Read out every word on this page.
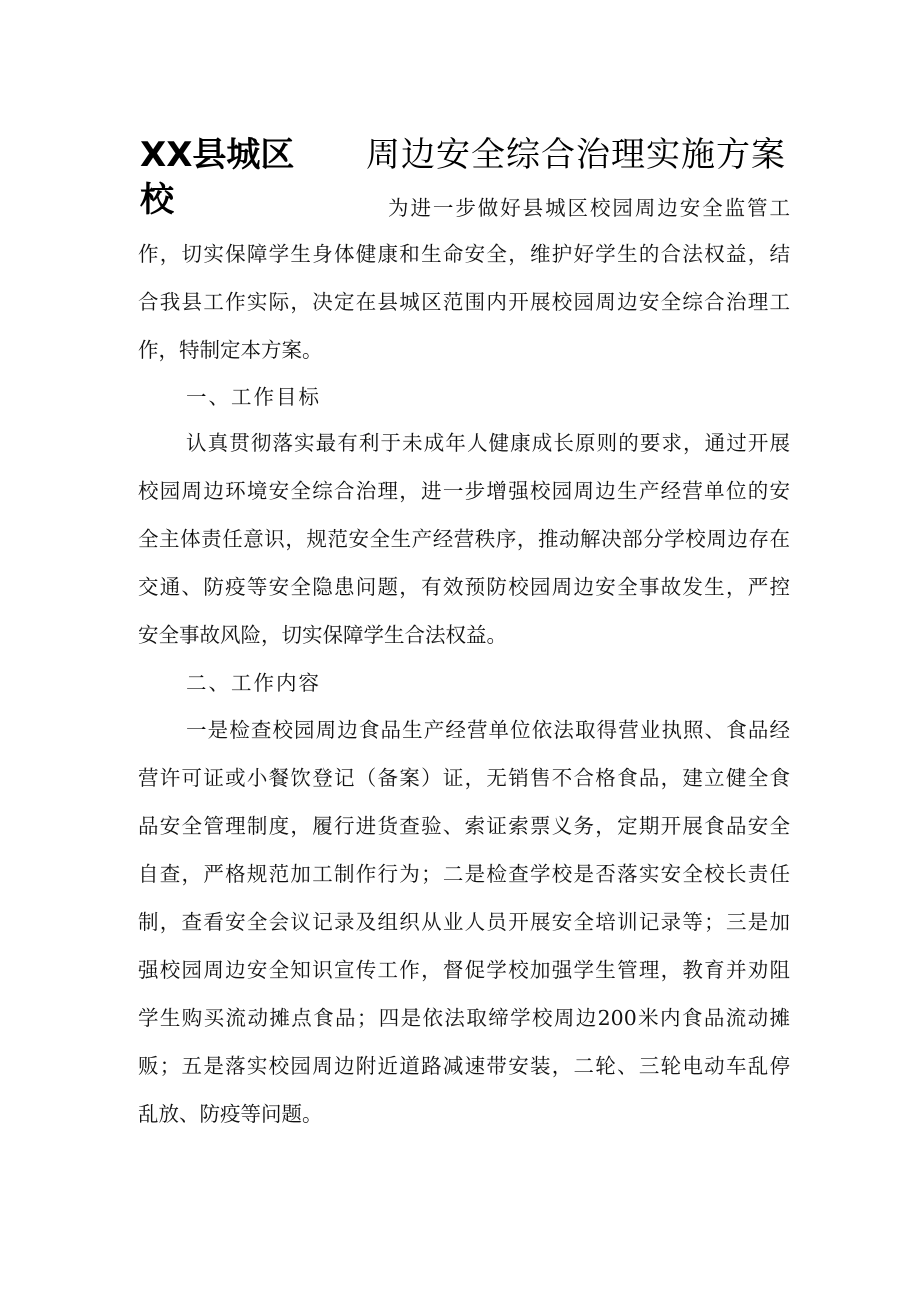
XX县城区 周边安全综合治理实施方案
校	为进一步做好县城区校园周边安全监管工
作，切实保障学生身体健康和生命安全，维护好学生的合法权益，结
合我县工作实际，决定在县城区范围内开展校园周边安全综合治理工
作，特制定本方案。
一、工作目标
认真贯彻落实最有利于未成年人健康成长原则的要求，通过开展
校园周边环境安全综合治理，进一步增强校园周边生产经营单位的安
全主体责任意识，规范安全生产经营秩序，推动解决部分学校周边存在
交通、防疫等安全隐患问题，有效预防校园周边安全事故发生，严控
安全事故风险，切实保障学生合法权益。
二、工作内容
一是检查校园周边食品生产经营单位依法取得营业执照、食品经
营许可证或小餐饮登记（备案）证，无销售不合格食品，建立健全食
品安全管理制度，履行进货查验、索证索票义务，定期开展食品安全
自查，严格规范加工制作行为；二是检查学校是否落实安全校长责任
制，查看安全会议记录及组织从业人员开展安全培训记录等；三是加
强校园周边安全知识宣传工作，督促学校加强学生管理，教育并劝阻
学生购买流动摊点食品；四是依法取缔学校周边200米内食品流动摊
贩；五是落实校园周边附近道路减速带安装，二轮、三轮电动车乱停
乱放、防疫等问题。
